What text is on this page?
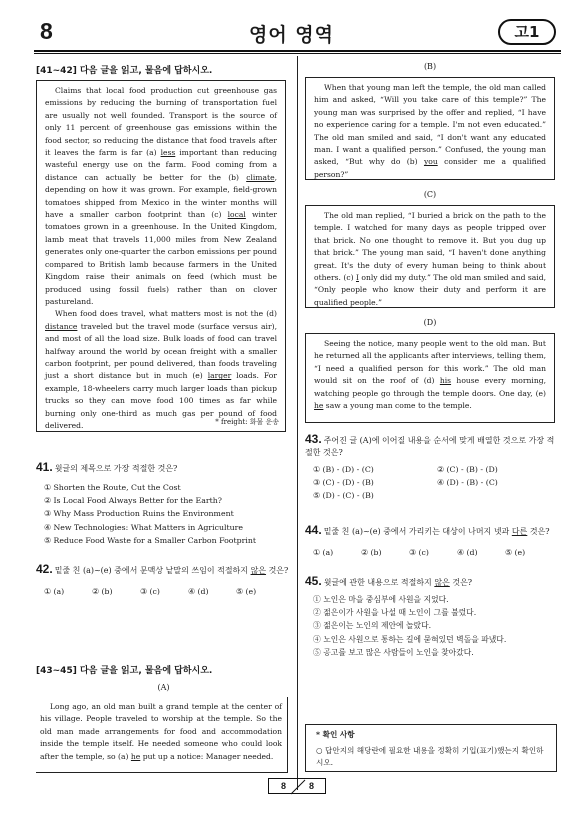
8	영어 영역	고1
[41~42] 다음 글을 읽고, 물음에 답하시오.

Claims that local food production cut greenhouse gas emissions by reducing the burning of transportation fuel are usually not well founded. Transport is the source of only 11 percent of greenhouse gas emissions within the food sector, so reducing the distance that food travels after it leaves the farm is far (a) less important than reducing wasteful energy use on the farm. Food coming from a distance can actually be better for the (b) climate, depending on how it was grown. For example, field-grown tomatoes shipped from Mexico in the winter months will have a smaller carbon footprint than (c) local winter tomatoes grown in a greenhouse. In the United Kingdom, lamb meat that travels 11,000 miles from New Zealand generates only one-quarter the carbon emissions per pound compared to British lamb because farmers in the United Kingdom raise their animals on feed (which must be produced using fossil fuels) rather than on clover pastureland.

When food does travel, what matters most is not the (d) distance traveled but the travel mode (surface versus air), and most of all the load size. Bulk loads of food can travel halfway around the world by ocean freight with a smaller carbon footprint, per pound delivered, than foods traveling just a short distance but in much (e) larger loads. For example, 18-wheelers carry much larger loads than pickup trucks so they can move food 100 times as far while burning only one-third as much gas per pound of food delivered.	* freight: 화물 운송
41. 윗글의 제목으로 가장 적절한 것은?
① Shorten the Route, Cut the Cost
② Is Local Food Always Better for the Earth?
③ Why Mass Production Ruins the Environment
④ New Technologies: What Matters in Agriculture
⑤ Reduce Food Waste for a Smaller Carbon Footprint
42. 밑줄 친 (a)~(e) 중에서 문맥상 낱말의 쓰임이 적절하지 않은 것은?
① (a)	② (b)	③ (c)	④ (d)	⑤ (e)
[43~45] 다음 글을 읽고, 물음에 답하시오.
(A)

Long ago, an old man built a grand temple at the center of his village. People traveled to worship at the temple. So the old man made arrangements for food and accommodation inside the temple itself. He needed someone who could look after the temple, so (a) he put up a notice: Manager needed.

(B)

When that young man left the temple, the old man called him and asked, “Will you take care of this temple?” The young man was surprised by the offer and replied, “I have no experience caring for a temple. I'm not even educated.” The old man smiled and said, “I don't want any educated man. I want a qualified person.” Confused, the young man asked, “But why do (b) you consider me a qualified person?”

(C)

The old man replied, “I buried a brick on the path to the temple. I watched for many days as people tripped over that brick. No one thought to remove it. But you dug up that brick.” The young man said, “I haven't done anything great. It's the duty of every human being to think about others. (c) I only did my duty.” The old man smiled and said, “Only people who know their duty and perform it are qualified people.”

(D)

Seeing the notice, many people went to the old man. But he returned all the applicants after interviews, telling them, “I need a qualified person for this work.” The old man would sit on the roof of (d) his house every morning, watching people go through the temple doors. One day, (e) he saw a young man come to the temple.

43. 주어진 글 (A)에 이어질 내용을 순서에 맞게 배열한 것으로 가장 적절한 것은?
① (B) - (D) - (C)	② (C) - (B) - (D)
③ (C) - (D) - (B)	④ (D) - (B) - (C)
⑤ (D) - (C) - (B)
44. 밑줄 친 (a)~(e) 중에서 가리키는 대상이 나머지 넷과 다른 것은?
① (a)	② (b)	③ (c)	④ (d)	⑤ (e)
45. 윗글에 관한 내용으로 적절하지 않은 것은?
① 노인은 마을 중심부에 사원을 지었다.
② 젊은이가 사원을 나설 때 노인이 그를 불렀다.
③ 젊은이는 노인의 제안에 놀랐다.
④ 노인은 사원으로 통하는 길에 묻혀있던 벽돌을 파냈다.
⑤ 공고를 보고 많은 사람들이 노인을 찾아갔다.
* 확인 사항
○ 답안지의 해당란에 필요한 내용을 정확히 기입(표기)했는지 확인하시오.
8	8
